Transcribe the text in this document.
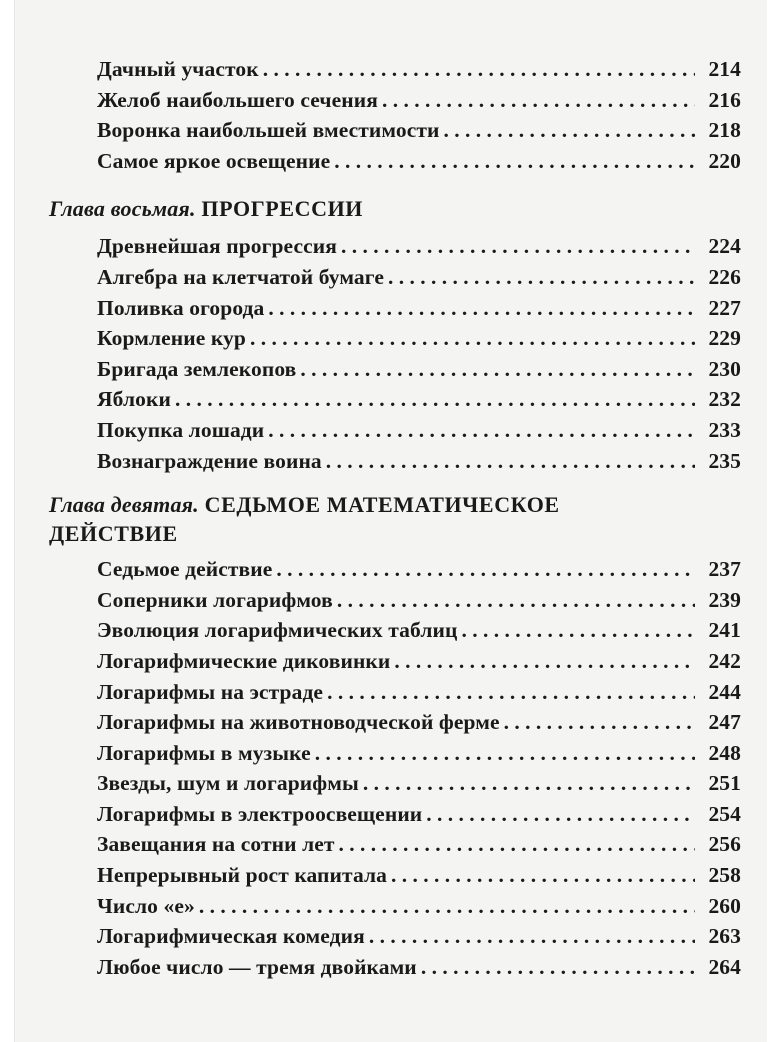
Дачный участок . . .	214
Желоб наибольшего сечения . . .	216
Воронка наибольшей вместимости . . .	218
Самое яркое освещение . . .	220
Глава восьмая. ПРОГРЕССИИ
Древнейшая прогрессия . . .	224
Алгебра на клетчатой бумаге . . .	226
Поливка огорода . . .	227
Кормление кур . . .	229
Бригада землекопов . . .	230
Яблоки . . .	232
Покупка лошади . . .	233
Вознаграждение воина . . .	235
Глава девятая. СЕДЬМОЕ МАТЕМАТИЧЕСКОЕ
ДЕЙСТВИЕ
Седьмое действие . . .	237
Соперники логарифмов . . .	239
Эволюция логарифмических таблиц . . .	241
Логарифмические диковинки . . .	242
Логарифмы на эстраде . . .	244
Логарифмы на животноводческой ферме . . .	247
Логарифмы в музыке . . .	248
Звезды, шум и логарифмы . . .	251
Логарифмы в электроосвещении . . .	254
Завещания на сотни лет . . .	256
Непрерывный рост капитала . . .	258
Число «е» . . .	260
Логарифмическая комедия . . .	263
Любое число — тремя двойками . . .	264
